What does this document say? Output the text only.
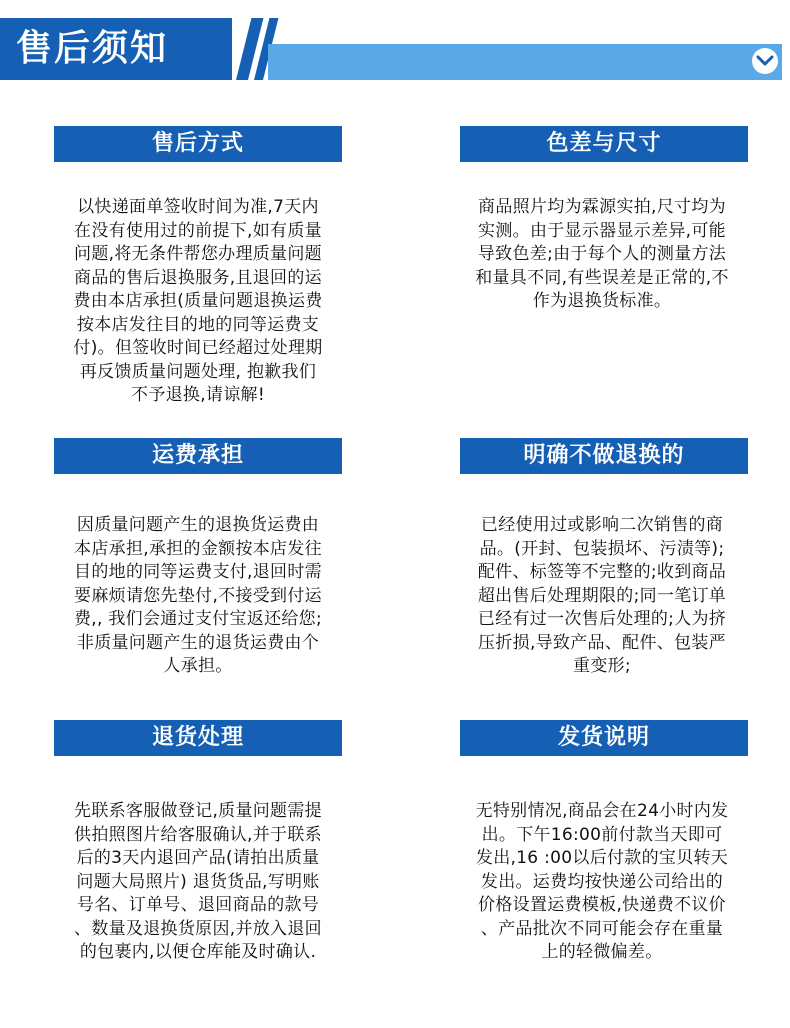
售后须知
售后方式
以快递面单签收时间为准,7天内
在没有使用过的前提下,如有质量
问题,将无条件帮您办理质量问题
商品的售后退换服务,且退回的运
费由本店承担(质量问题退换运费
按本店发往目的地的同等运费支
付)。但签收时间已经超过处理期
再反馈质量问题处理, 抱歉我们
不予退换,请谅解!
色差与尺寸
商品照片均为霖源实拍,尺寸均为
实测。由于显示器显示差异,可能
导致色差;由于每个人的测量方法
和量具不同,有些误差是正常的,不
作为退换货标准。
运费承担
因质量问题产生的退换货运费由
本店承担,承担的金额按本店发往
目的地的同等运费支付,退回时需
要麻烦请您先垫付,不接受到付运
费,, 我们会通过支付宝返还给您;
非质量问题产生的退货运费由个
人承担。
明确不做退换的
已经使用过或影响二次销售的商
品。(开封、包装损坏、污渍等);
配件、标签等不完整的;收到商品
超出售后处理期限的;同一笔订单
已经有过一次售后处理的;人为挤
压折损,导致产品、配件、包装严
重变形;
退货处理
先联系客服做登记,质量问题需提
供拍照图片给客服确认,并于联系
后的3天内退回产品(请拍出质量
问题大局照片) 退货货品,写明账
号名、订单号、退回商品的款号
、数量及退换货原因,并放入退回
的包裹内,以便仓库能及时确认.
发货说明
无特别情况,商品会在24小时内发
出。下午16:00前付款当天即可
发出,16 :00以后付款的宝贝转天
发出。运费均按快递公司给出的
价格设置运费模板,快递费不议价
、产品批次不同可能会存在重量
上的轻微偏差。
